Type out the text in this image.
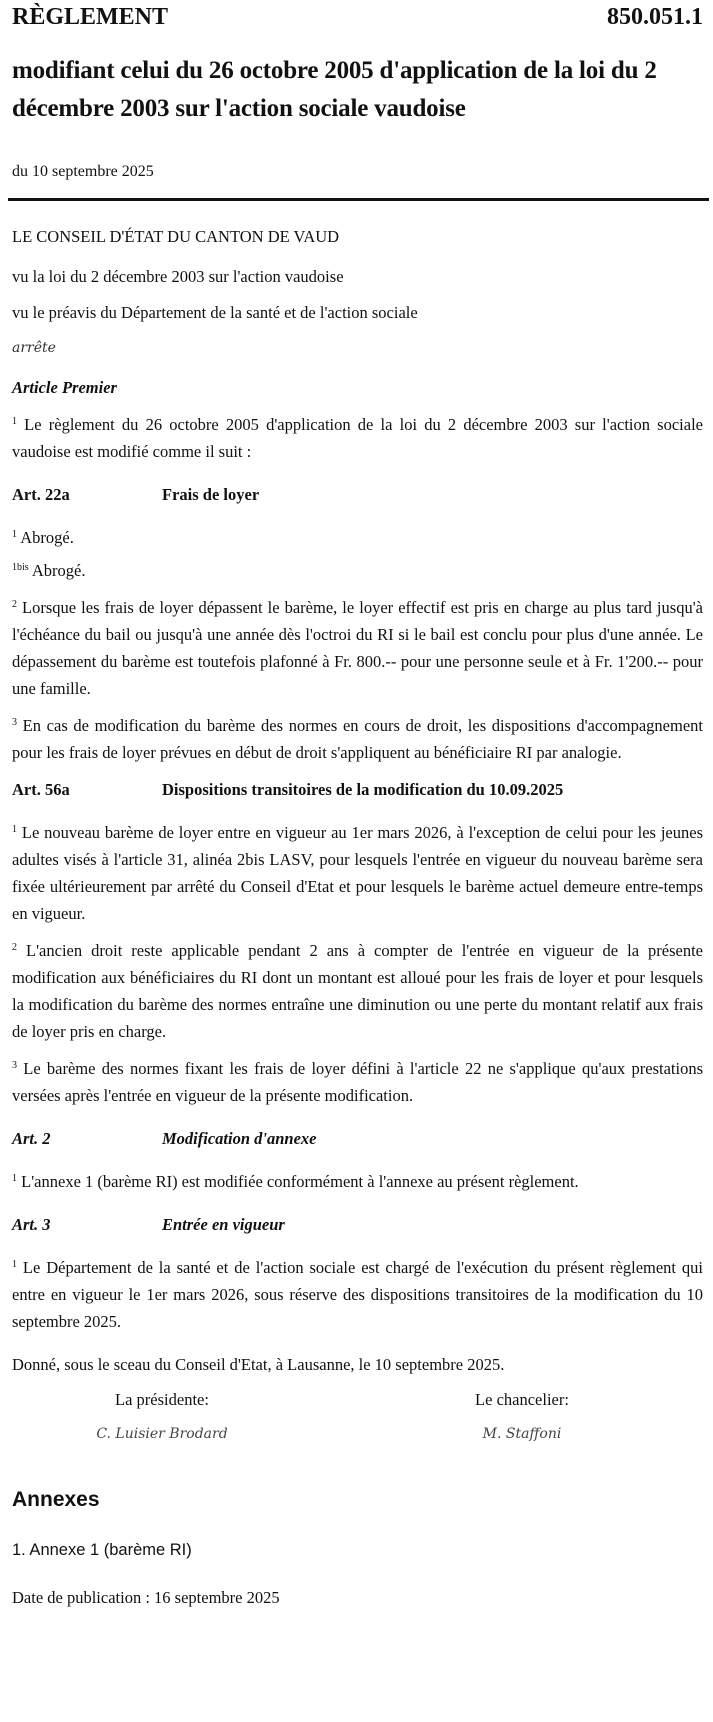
RÈGLEMENT	850.051.1
modifiant celui du 26 octobre 2005 d'application de la loi du 2 décembre 2003 sur l'action sociale vaudoise
du 10 septembre 2025

LE CONSEIL D'ÉTAT DU CANTON DE VAUD

vu la loi du 2 décembre 2003 sur l'action vaudoise

vu le préavis du Département de la santé et de l'action sociale

arrête

Article Premier

$^1$ Le règlement du 26 octobre 2005 d'application de la loi du 2 décembre 2003 sur l'action sociale vaudoise est modifié comme il suit :

Art. 22a	Frais de loyer

$^1$ Abrogé.

$^{1bis}$ Abrogé.

$^2$ Lorsque les frais de loyer dépassent le barème, le loyer effectif est pris en charge au plus tard jusqu'à l'échéance du bail ou jusqu'à une année dès l'octroi du RI si le bail est conclu pour plus d'une année. Le dépassement du barème est toutefois plafonné à Fr. 800.-- pour une personne seule et à Fr. 1'200.-- pour une famille.

$^3$ En cas de modification du barème des normes en cours de droit, les dispositions d'accompagnement pour les frais de loyer prévues en début de droit s'appliquent au bénéficiaire RI par analogie.

Art. 56a	Dispositions transitoires de la modification du 10.09.2025

$^1$ Le nouveau barème de loyer entre en vigueur au 1er mars 2026, à l'exception de celui pour les jeunes adultes visés à l'article 31, alinéa 2bis LASV, pour lesquels l'entrée en vigueur du nouveau barème sera fixée ultérieurement par arrêté du Conseil d'Etat et pour lesquels le barème actuel demeure entre-temps en vigueur.

$^2$ L'ancien droit reste applicable pendant 2 ans à compter de l'entrée en vigueur de la présente modification aux bénéficiaires du RI dont un montant est alloué pour les frais de loyer et pour lesquels la modification du barème des normes entraîne une diminution ou une perte du montant relatif aux frais de loyer pris en charge.

$^3$ Le barème des normes fixant les frais de loyer défini à l'article 22 ne s'applique qu'aux prestations versées après l'entrée en vigueur de la présente modification.

Art. 2	Modification d'annexe

$^1$ L'annexe 1 (barème RI) est modifiée conformément à l'annexe au présent règlement.

Art. 3	Entrée en vigueur

$^1$ Le Département de la santé et de l'action sociale est chargé de l'exécution du présent règlement qui entre en vigueur le 1er mars 2026, sous réserve des dispositions transitoires de la modification du 10 septembre 2025.

Donné, sous le sceau du Conseil d'Etat, à Lausanne, le 10 septembre 2025.

La présidente:	Le chancelier:
C. Luisier Brodard	M. Staffoni
Annexes
1. Annexe 1 (barème RI)
Date de publication : 16 septembre 2025
